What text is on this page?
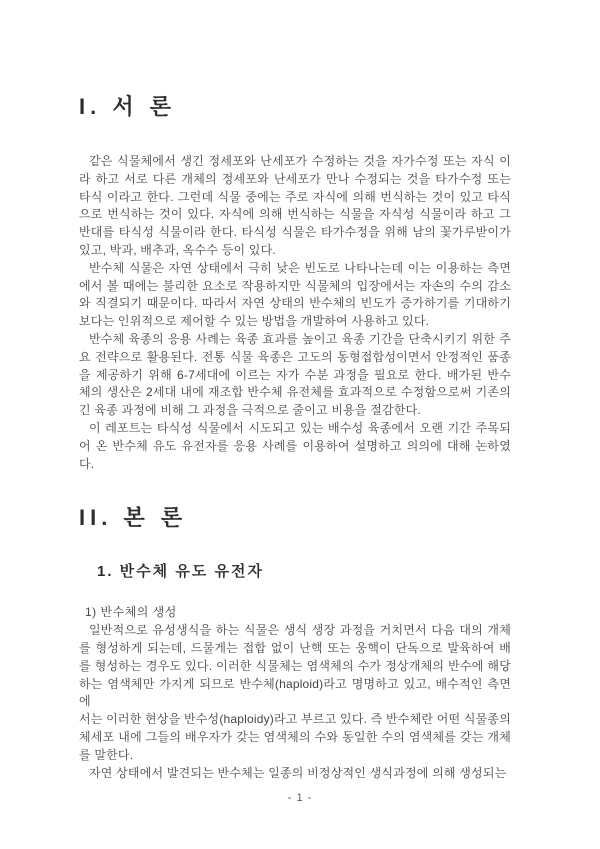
I. 서 론
같은 식물체에서 생긴 정세포와 난세포가 수정하는 것을 자가수정 또는 자식 이
라 하고 서로 다른 개체의 정세포와 난세포가 만나 수정되는 것을 타가수정 또는
타식 이라고 한다. 그런데 식물 중에는 주로 자식에 의해 번식하는 것이 있고 타식
으로 번식하는 것이 있다. 자식에 의해 번식하는 식물을 자식성 식물이라 하고 그
반대를 타식성 식물이라 한다. 타식성 식물은 타가수정을 위해 남의 꽃가루받이가
있고, 박과, 배추과, 옥수수 등이 있다.
반수체 식물은 자연 상태에서 극히 낮은 빈도로 나타나는데 이는 이용하는 측면
에서 볼 때에는 불리한 요소로 작용하지만 식물체의 입장에서는 자손의 수의 감소
와 직결되기 때문이다. 따라서 자연 상태의 반수체의 빈도가 증가하기를 기대하기
보다는 인위적으로 제어할 수 있는 방법을 개발하여 사용하고 있다.
반수체 육종의 응용 사례는 육종 효과를 높이고 육종 기간을 단축시키기 위한 주
요 전략으로 활용된다. 전통 식물 육종은 고도의 동형접합성이면서 안정적인 품종
을 제공하기 위해 6-7세대에 이르는 자가 수분 과정을 필요로 한다. 배가된 반수
체의 생산은 2세대 내에 재조합 반수체 유전체를 효과적으로 수정함으로써 기존의
긴 육종 과정에 비해 그 과정을 극적으로 줄이고 비용을 절감한다.
이 레포트는 타식성 식물에서 시도되고 있는 배수성 육종에서 오랜 기간 주목되
어 온 반수체 유도 유전자를 응용 사례를 이용하여 설명하고 의의에 대해 논하였
다.
II. 본 론
1. 반수체 유도 유전자
1) 반수체의 생성
일반적으로 유성생식을 하는 식물은 생식 생장 과정을 거치면서 다음 대의 개체
를 형성하게 되는데, 드물게는 접합 없이 난핵 또는 웅핵이 단독으로 발육하여 배
를 형성하는 경우도 있다. 이러한 식물체는 염색체의 수가 정상개체의 반수에 해당
하는 염색체만 가지게 되므로 반수체(haploid)라고 명명하고 있고, 배수적인 측면에
서는 이러한 현상을 반수성(haploidy)라고 부르고 있다. 즉 반수체란 어떤 식물종의
체세포 내에 그들의 배우자가 갖는 염색체의 수와 동일한 수의 염색체를 갖는 개체
를 말한다.
자연 상태에서 발견되는 반수체는 일종의 비정상적인 생식과정에 의해 생성되는
- 1 -
